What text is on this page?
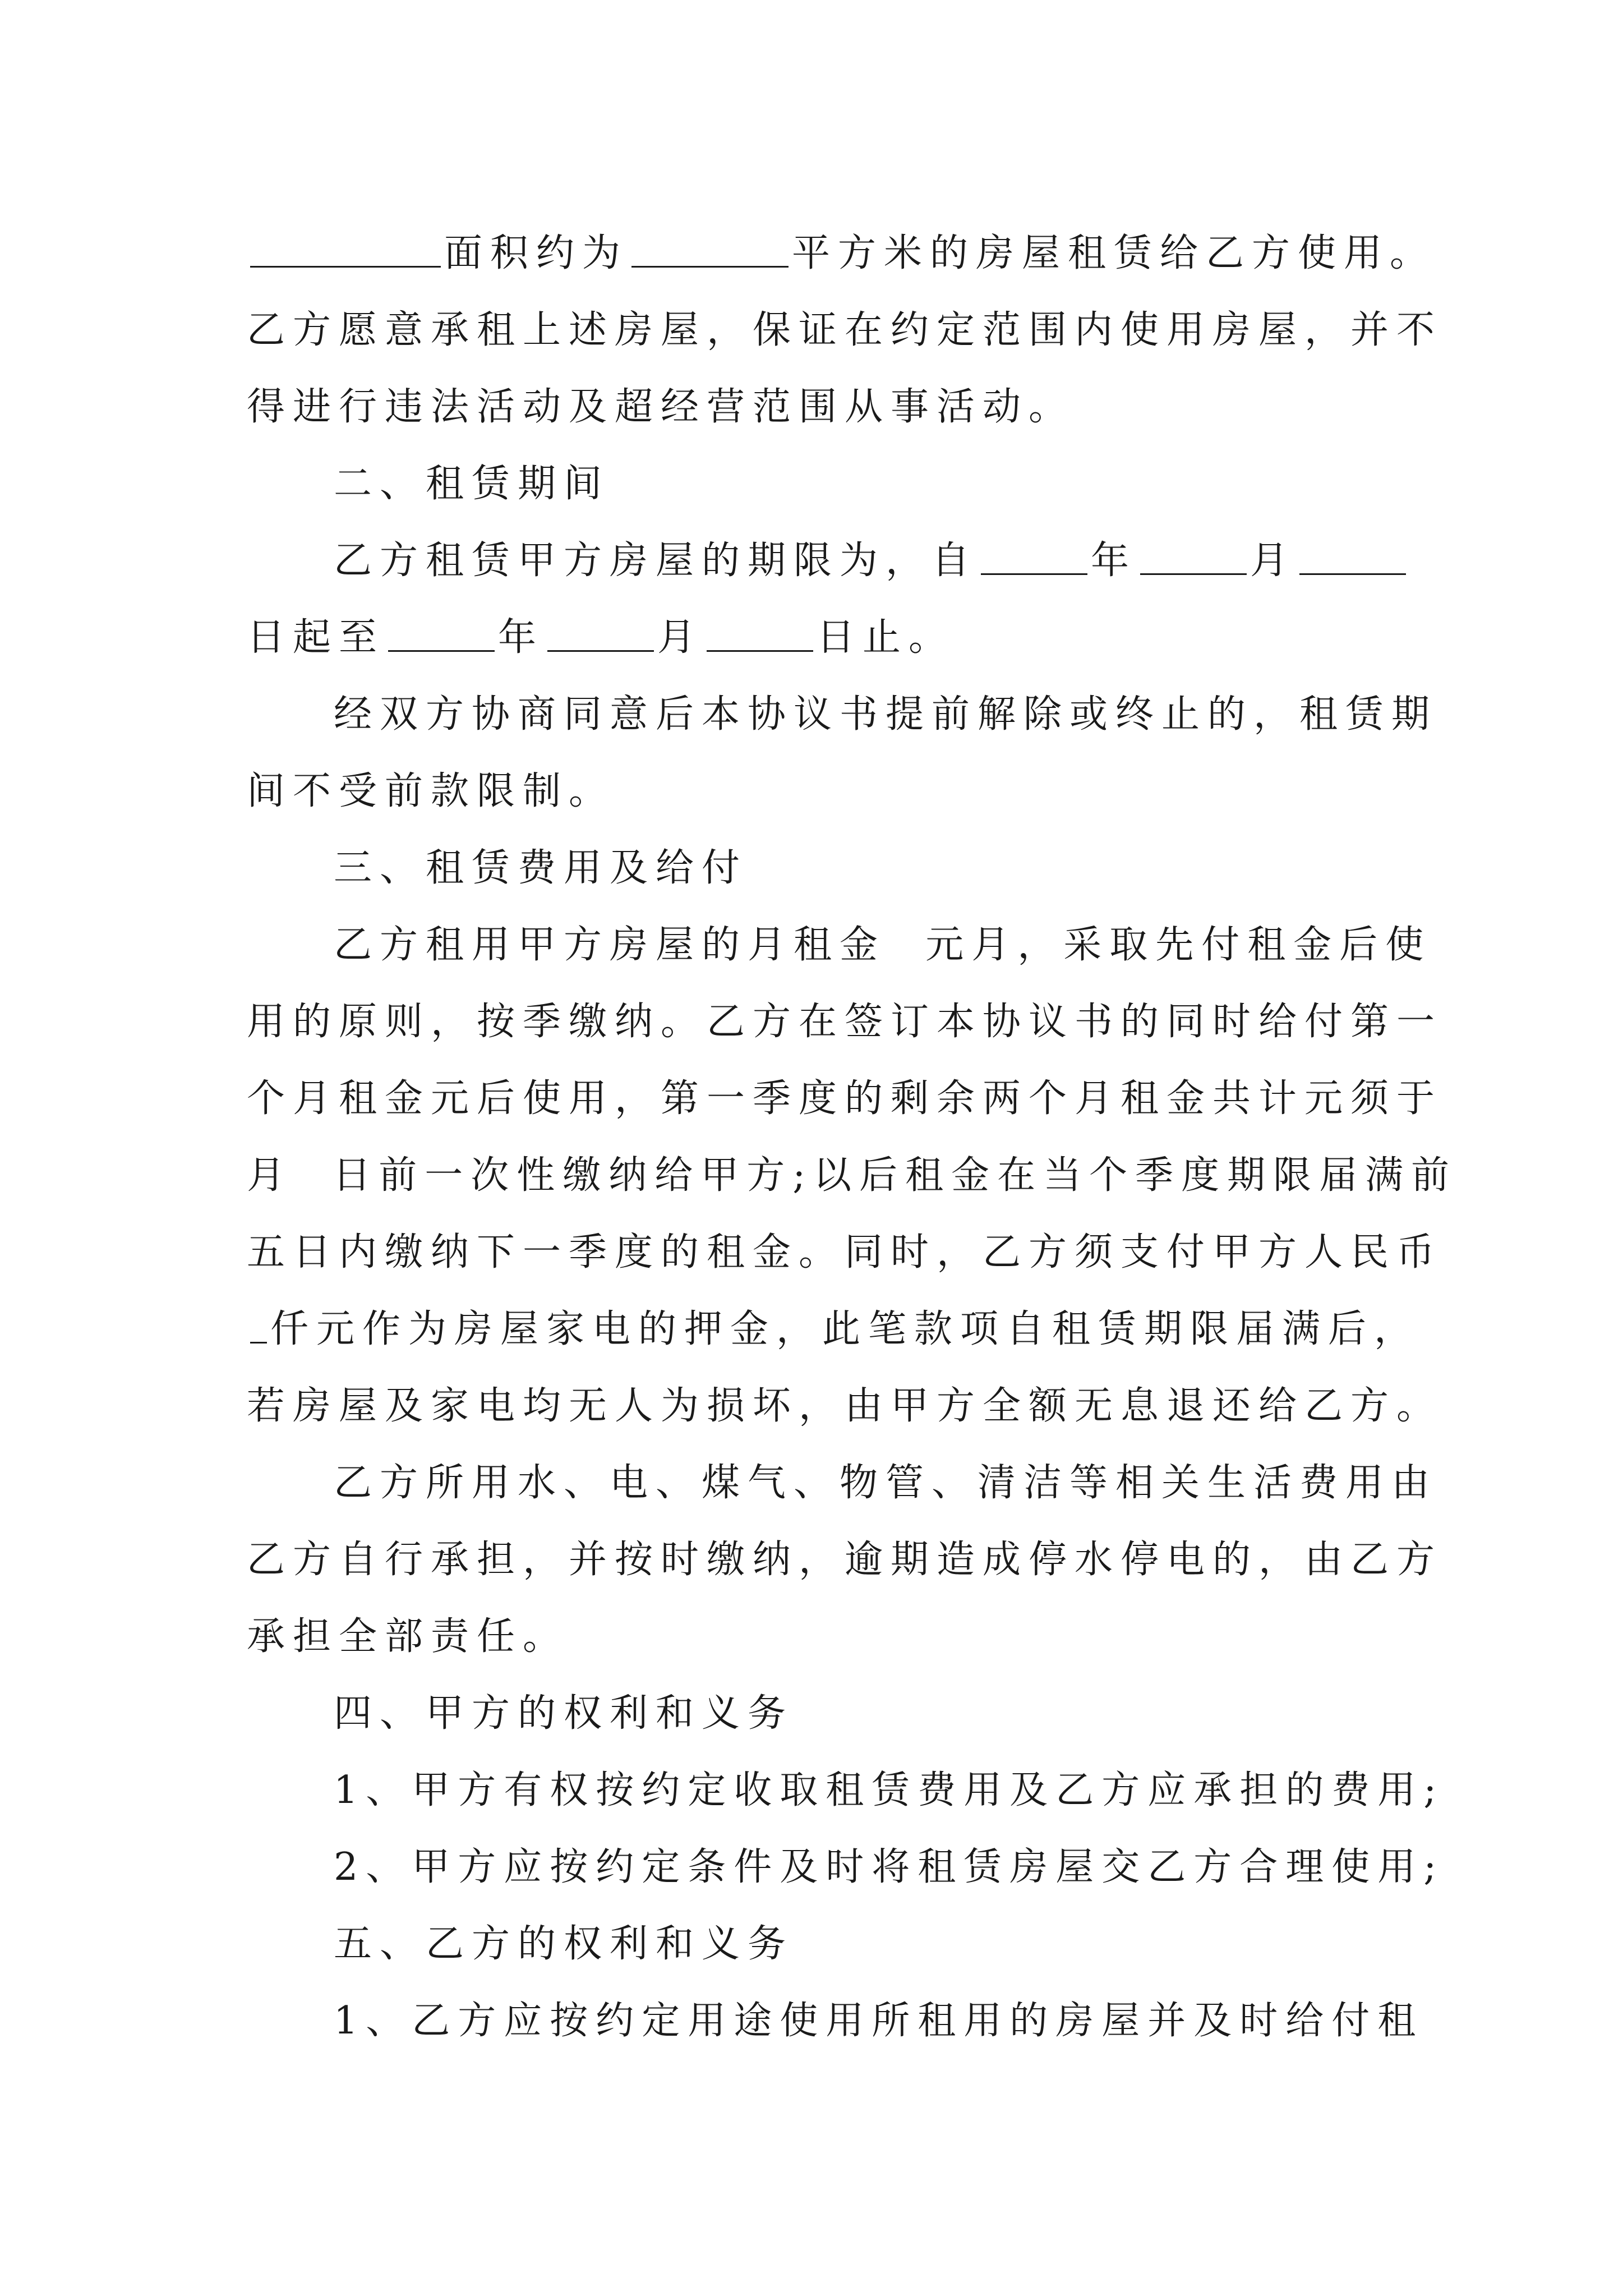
面积约为	平方米的房屋租赁给乙方使用。
乙方愿意承租上述房屋，保证在约定范围内使用房屋，并不
得进行违法活动及超经营范围从事活动。
二、租赁期间
乙方租赁甲方房屋的期限为，自	年	月
日起至	年	月	日止。
经双方协商同意后本协议书提前解除或终止的，租赁期
间不受前款限制。
三、租赁费用及给付
乙方租用甲方房屋的月租金  元月，采取先付租金后使
用的原则，按季缴纳。乙方在签订本协议书的同时给付第一
个月租金元后使用，第一季度的剩余两个月租金共计元须于
月  日前一次性缴纳给甲方;以后租金在当个季度期限届满前
五日内缴纳下一季度的租金。同时，乙方须支付甲方人民币
仟元作为房屋家电的押金，此笔款项自租赁期限届满后，
若房屋及家电均无人为损坏，由甲方全额无息退还给乙方。
乙方所用水、电、煤气、物管、清洁等相关生活费用由
乙方自行承担，并按时缴纳，逾期造成停水停电的，由乙方
承担全部责任。
四、甲方的权利和义务
1、甲方有权按约定收取租赁费用及乙方应承担的费用;
2、甲方应按约定条件及时将租赁房屋交乙方合理使用;
五、乙方的权利和义务
1、乙方应按约定用途使用所租用的房屋并及时给付租
